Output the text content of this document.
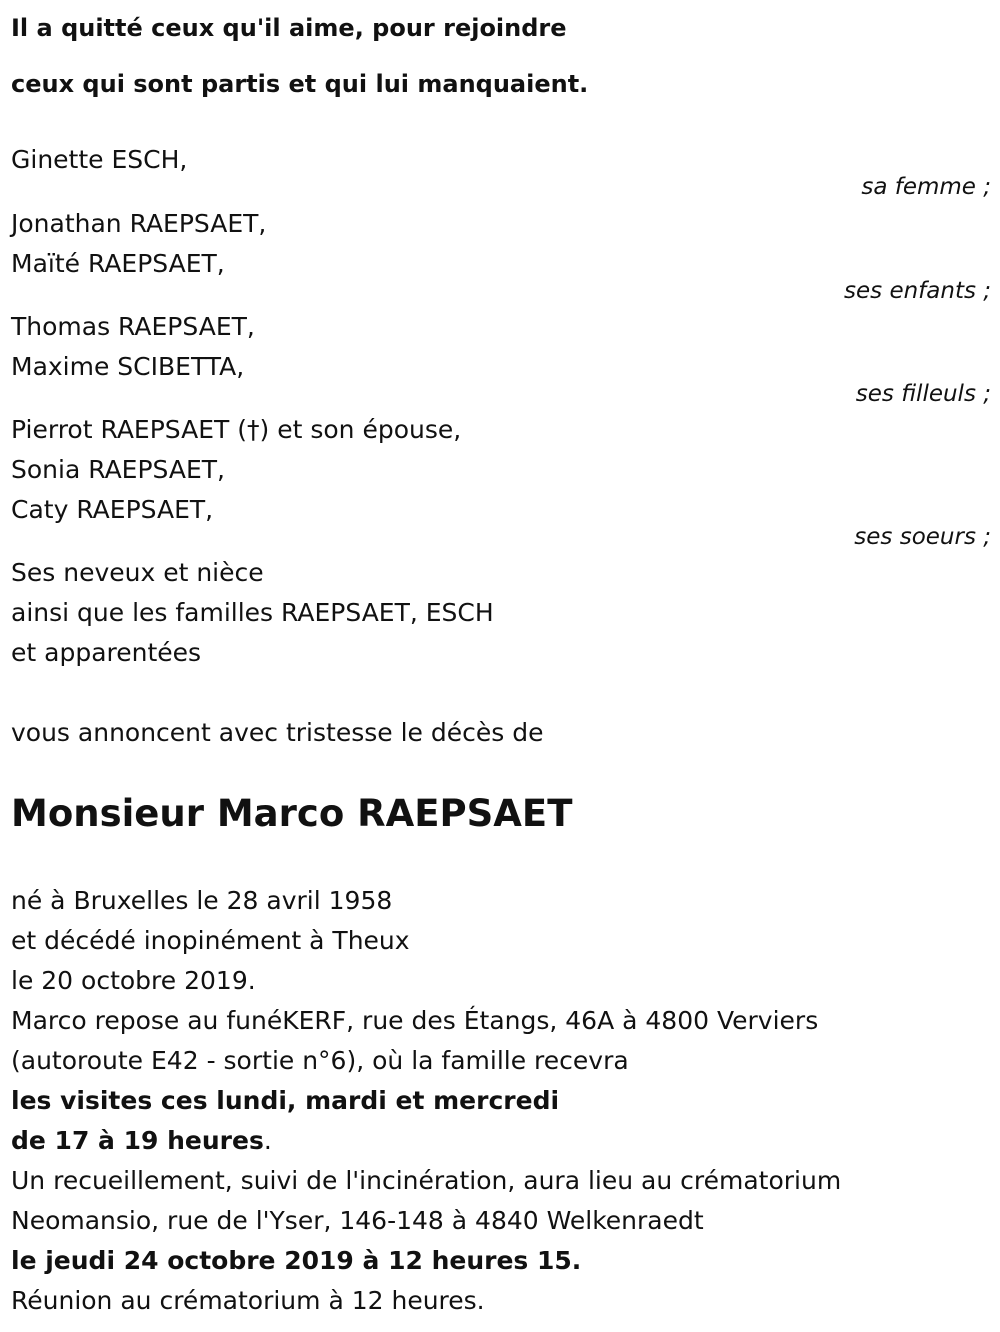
Il a quitté ceux qu'il aime, pour rejoindre
ceux qui sont partis et qui lui manquaient.
Ginette ESCH,
sa femme ;
Jonathan RAEPSAET,
Maïté RAEPSAET,
ses enfants ;
Thomas RAEPSAET,
Maxime SCIBETTA,
ses filleuls ;
Pierrot RAEPSAET (†) et son épouse,
Sonia RAEPSAET,
Caty RAEPSAET,
ses soeurs ;
Ses neveux et nièce
ainsi que les familles RAEPSAET, ESCH
et apparentées
vous annoncent avec tristesse le décès de
Monsieur Marco RAEPSAET
né à Bruxelles le 28 avril 1958
et décédé inopinément à Theux
le 20 octobre 2019.
Marco repose au funéKERF, rue des Étangs, 46A à 4800 Verviers
(autoroute E42 - sortie n°6), où la famille recevra
les visites ces lundi, mardi et mercredi
de 17 à 19 heures.
Un recueillement, suivi de l'incinération, aura lieu au crématorium
Neomansio, rue de l'Yser, 146-148 à 4840 Welkenraedt
le jeudi 24 octobre 2019 à 12 heures 15.
Réunion au crématorium à 12 heures.
